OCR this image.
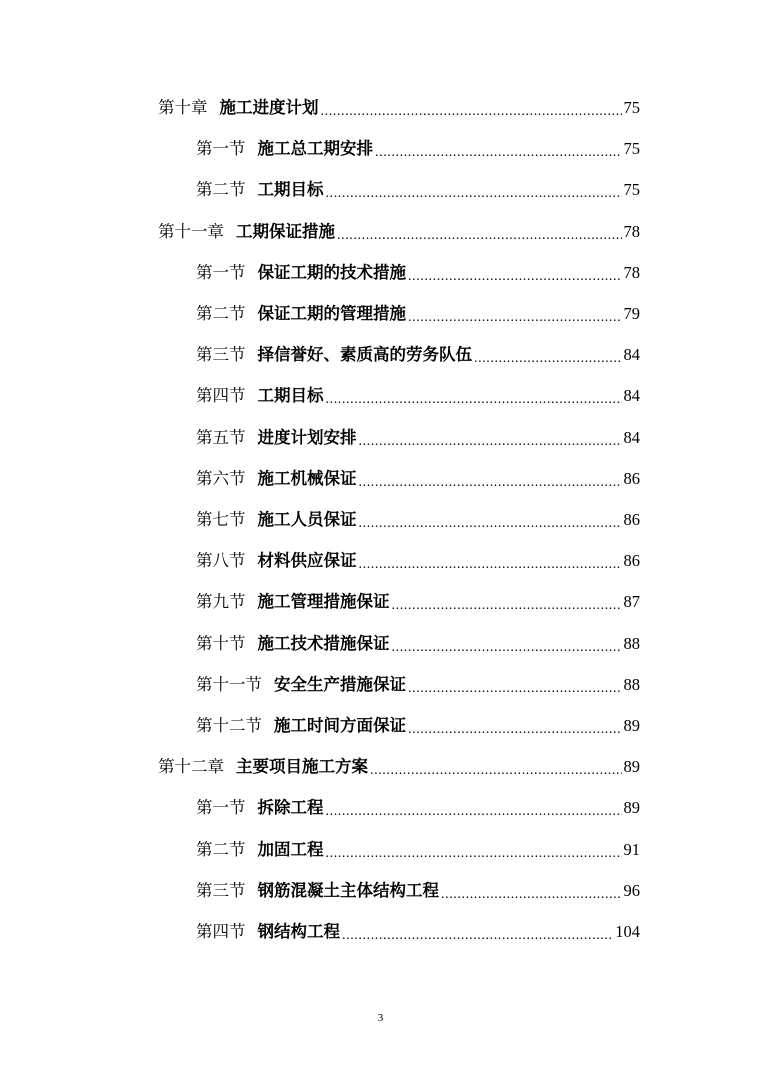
第十章 施工进度计划 .....	75
第一节 施工总工期安排 .....	75
第二节 工期目标 .....	75
第十一章 工期保证措施 .....	78
第一节 保证工期的技术措施 .....	78
第二节 保证工期的管理措施 .....	79
第三节 择信誉好、素质高的劳务队伍 .....	84
第四节 工期目标 .....	84
第五节 进度计划安排 .....	84
第六节 施工机械保证 .....	86
第七节 施工人员保证 .....	86
第八节 材料供应保证 .....	86
第九节 施工管理措施保证 .....	87
第十节 施工技术措施保证 .....	88
第十一节 安全生产措施保证 .....	88
第十二节 施工时间方面保证 .....	89
第十二章 主要项目施工方案 .....	89
第一节 拆除工程 .....	89
第二节 加固工程 .....	91
第三节 钢筋混凝土主体结构工程 .....	96
第四节 钢结构工程 .....	104
3
